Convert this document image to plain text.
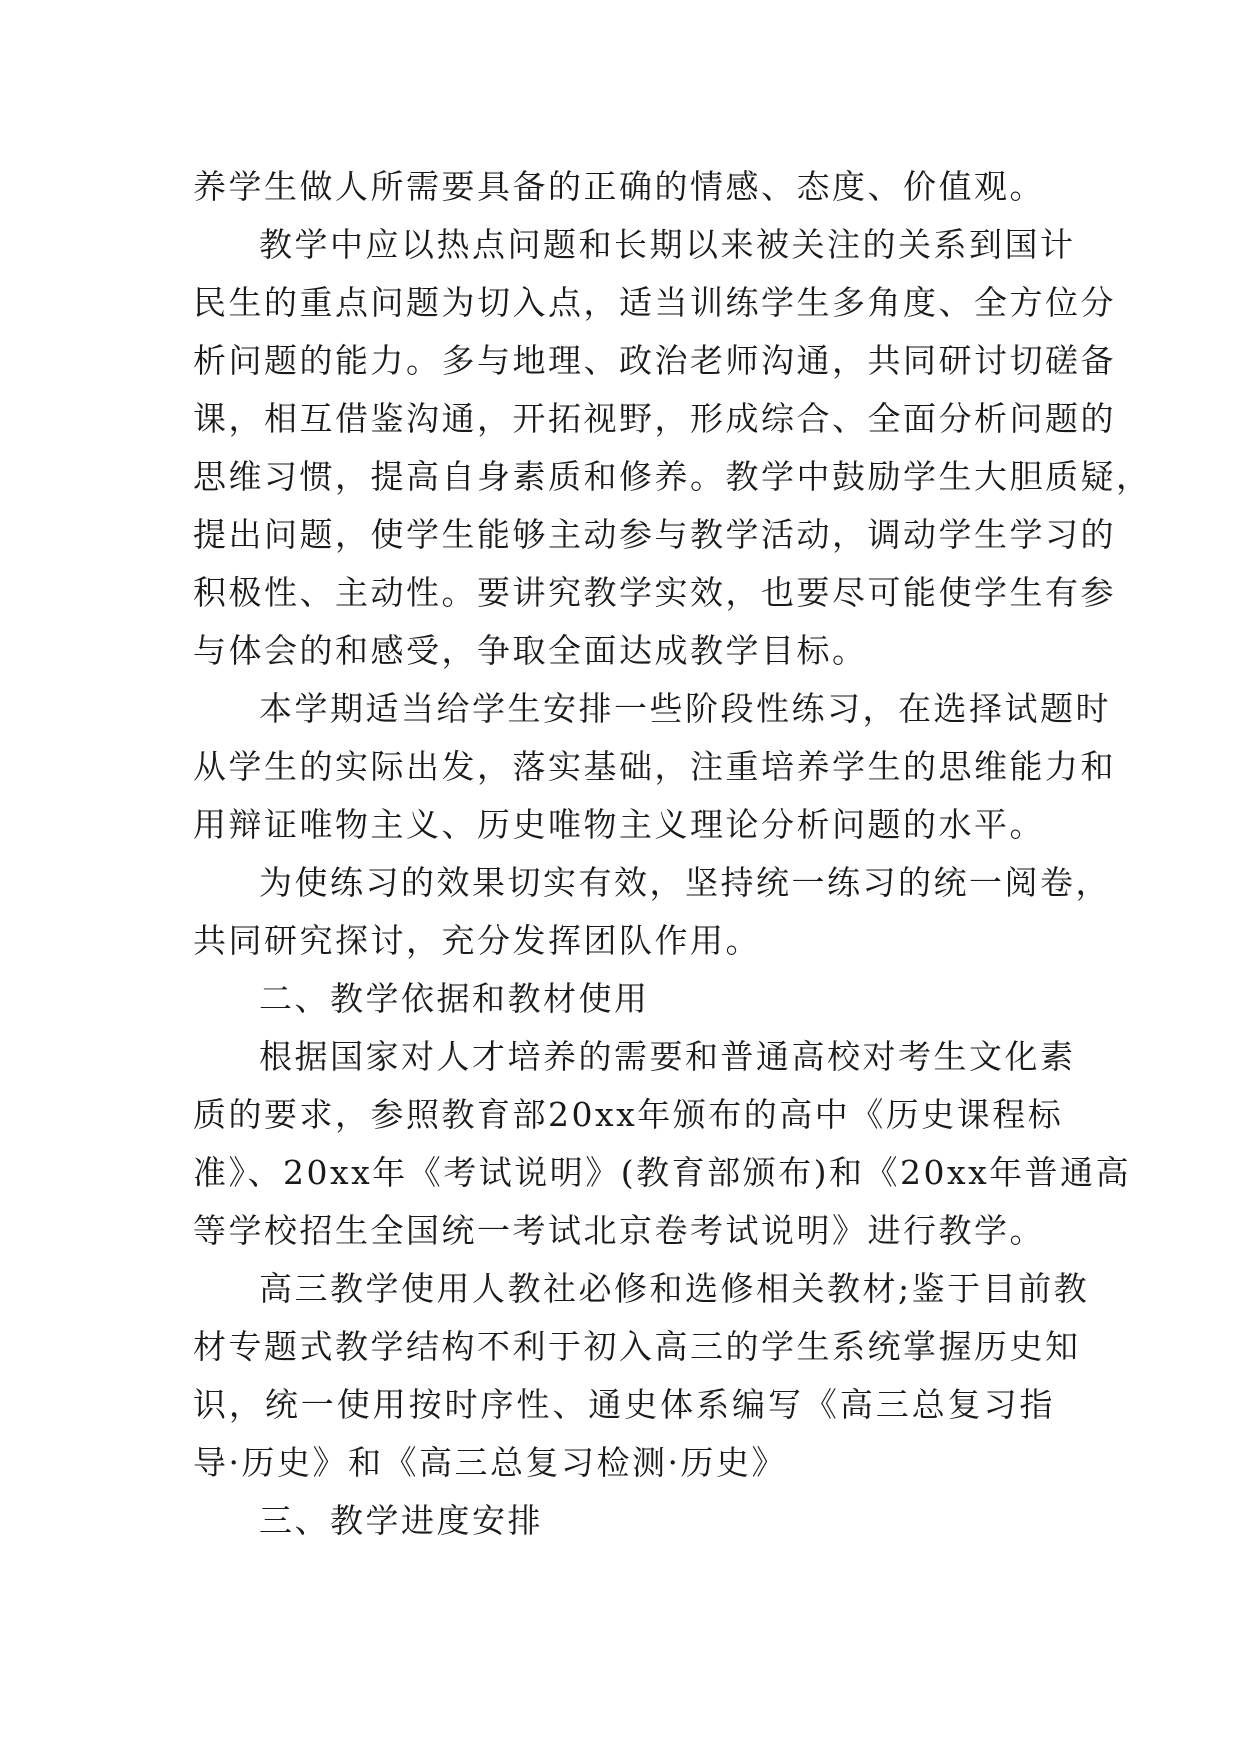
养学生做人所需要具备的正确的情感、态度、价值观。
教学中应以热点问题和长期以来被关注的关系到国计
民生的重点问题为切入点，适当训练学生多角度、全方位分
析问题的能力。多与地理、政治老师沟通，共同研讨切磋备
课，相互借鉴沟通，开拓视野，形成综合、全面分析问题的
思维习惯，提高自身素质和修养。教学中鼓励学生大胆质疑，
提出问题，使学生能够主动参与教学活动，调动学生学习的
积极性、主动性。要讲究教学实效，也要尽可能使学生有参
与体会的和感受，争取全面达成教学目标。
本学期适当给学生安排一些阶段性练习，在选择试题时
从学生的实际出发，落实基础，注重培养学生的思维能力和
用辩证唯物主义、历史唯物主义理论分析问题的水平。
为使练习的效果切实有效，坚持统一练习的统一阅卷，
共同研究探讨，充分发挥团队作用。
二、教学依据和教材使用
根据国家对人才培养的需要和普通高校对考生文化素
质的要求，参照教育部20xx年颁布的高中《历史课程标
准》、20xx年《考试说明》(教育部颁布)和《20xx年普通高
等学校招生全国统一考试北京卷考试说明》进行教学。
高三教学使用人教社必修和选修相关教材;鉴于目前教
材专题式教学结构不利于初入高三的学生系统掌握历史知
识，统一使用按时序性、通史体系编写《高三总复习指
导·历史》和《高三总复习检测·历史》
三、教学进度安排
